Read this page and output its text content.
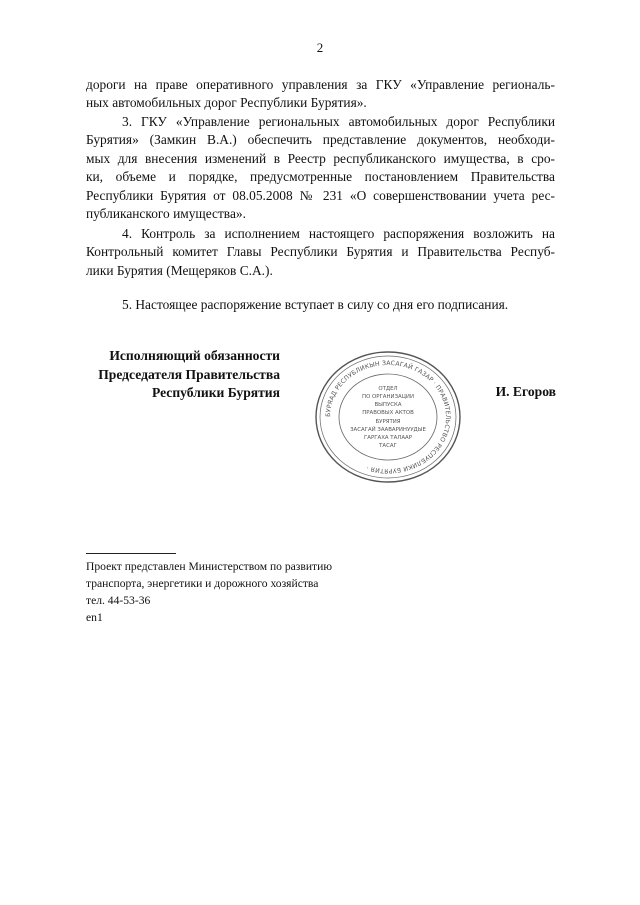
2
дороги на праве оперативного управления за ГКУ «Управление региональ-
ных автомобильных дорог Республики Бурятия».
3. ГКУ «Управление региональных автомобильных дорог Республики
Бурятия» (Замкин В.А.) обеспечить представление документов, необходи-
мых для внесения изменений в Реестр республиканского имущества, в сро-
ки, объеме и порядке, предусмотренные постановлением Правительства
Республики Бурятия от 08.05.2008 № 231 «О совершенствовании учета рес-
публиканского имущества».
4. Контроль за исполнением настоящего распоряжения возложить на
Контрольный комитет Главы Республики Бурятия и Правительства Респуб-
лики Бурятия (Мещеряков С.А.).
5. Настоящее распоряжение вступает в силу со дня его подписания.
Исполняющий обязанности
Председателя Правительства
Республики Бурятия
БУРЯАД РЕСПУБЛИКЫН ЗАСАГАЙ ГАЗАР · ПРАВИТЕЛЬСТВО РЕСПУБЛИКИ БУРЯТИЯ ·
ОТДЕЛ
ПО ОРГАНИЗАЦИИ
ВЫПУСКА
ПРАВОВЫХ АКТОВ
БУРЯТИЯ
ЗАСАГАЙ ЗААВАРИНУУДЫЕ
ГАРГАХА ТАЛААР
ТАСАГ
И. Егоров
Проект представлен Министерством по развитию
транспорта, энергетики и дорожного хозяйства
тел. 44-53-36
en1
